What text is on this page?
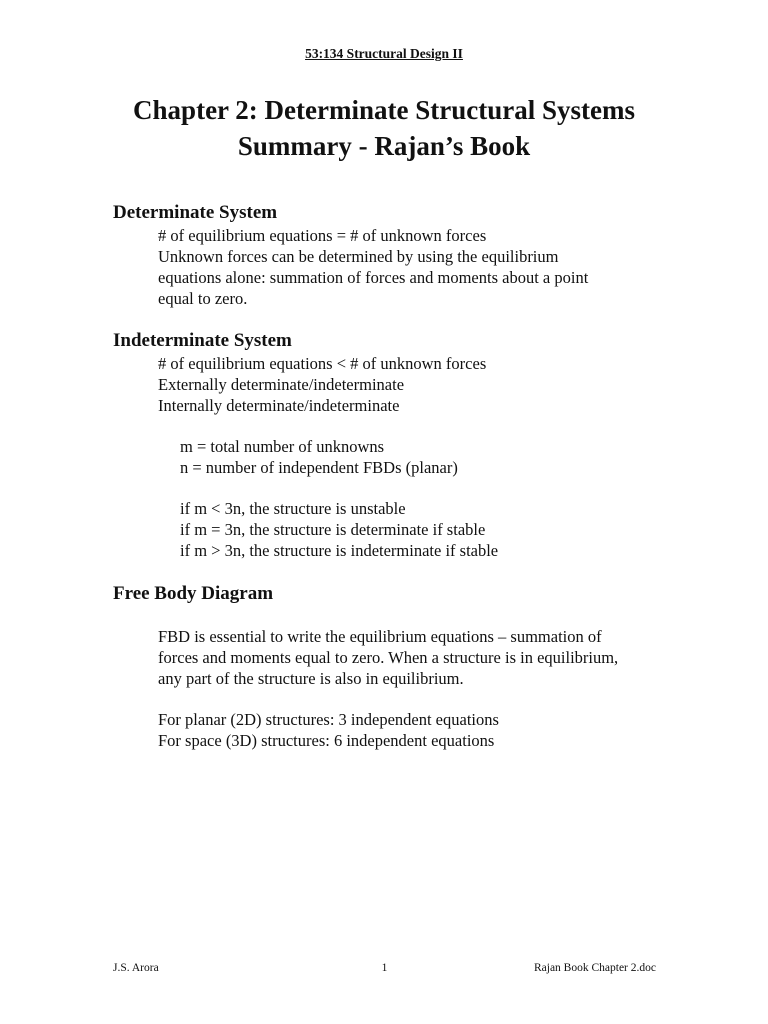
53:134 Structural Design II
Chapter 2: Determinate Structural Systems
Summary - Rajan’s Book

Determinate System

# of equilibrium equations = # of unknown forces

Unknown forces can be determined by using the equilibrium

equations alone: summation of forces and moments about a point

equal to zero.

Indeterminate System

# of equilibrium equations < # of unknown forces

Externally determinate/indeterminate

Internally determinate/indeterminate

m = total number of unknowns

n = number of independent FBDs (planar)

if m < 3n, the structure is unstable

if m = 3n, the structure is determinate if stable

if m > 3n, the structure is indeterminate if stable

Free Body Diagram

FBD is essential to write the equilibrium equations – summation of

forces and moments equal to zero. When a structure is in equilibrium,

any part of the structure is also in equilibrium.

For planar (2D) structures: 3 independent equations

For space (3D) structures: 6 independent equations

J.S. Arora	1	Rajan Book Chapter 2.doc
